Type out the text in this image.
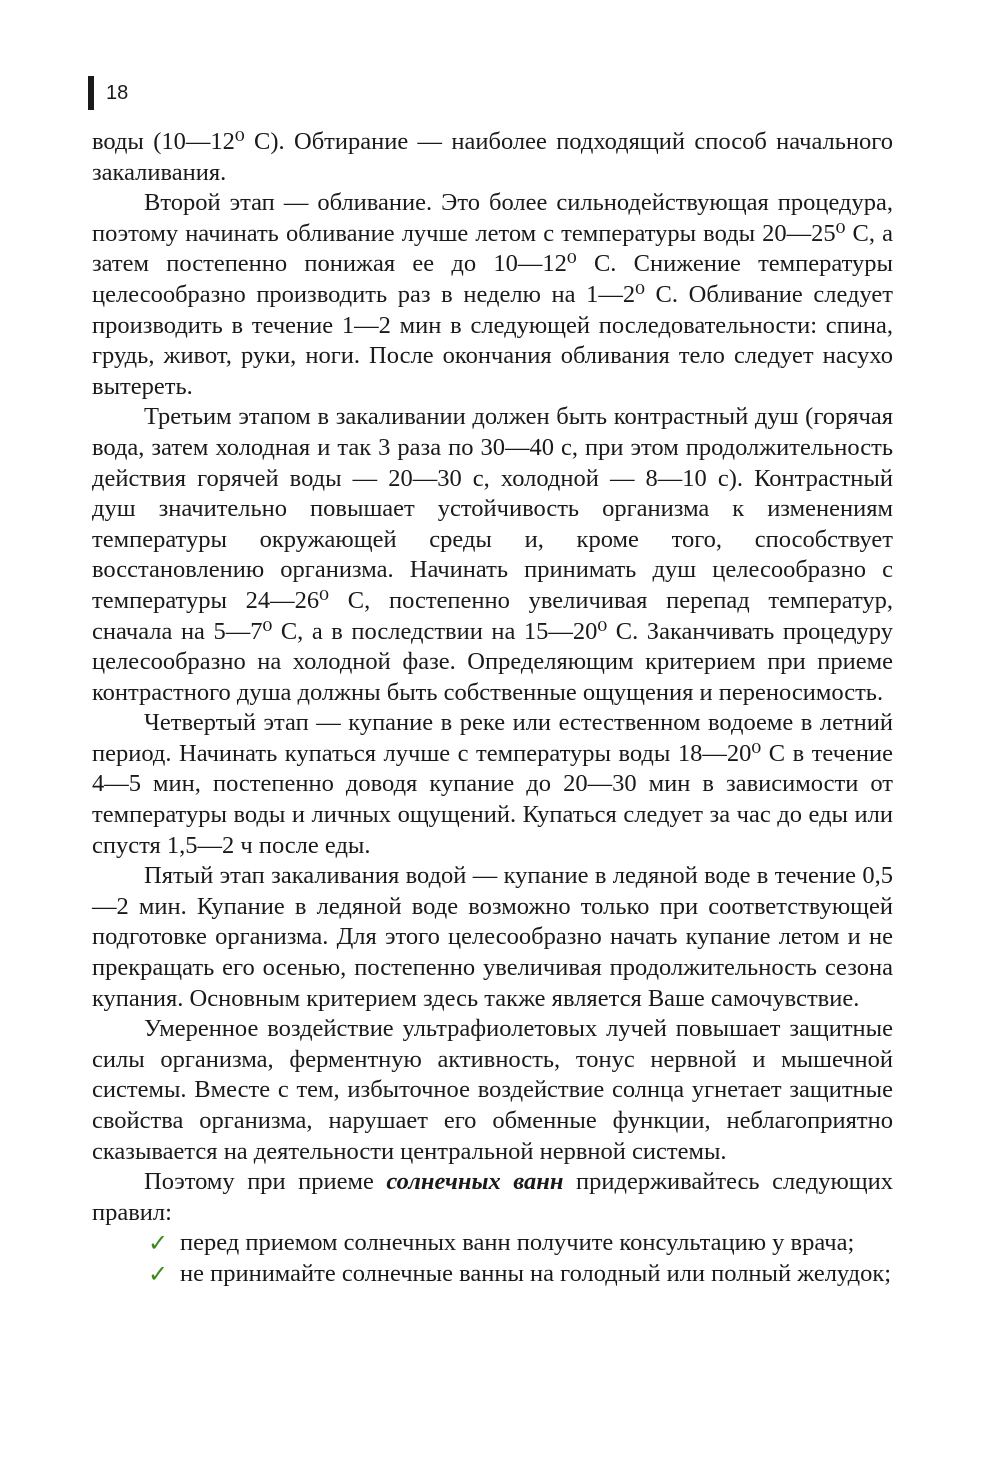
18

воды (10—12⁰ С). Обтирание — наиболее подходящий способ начального закаливания.

Второй этап — обливание. Это более сильнодействующая процедура, поэтому начинать обливание лучше летом с температуры воды 20—25⁰ С, а затем постепенно понижая ее до 10—12⁰ С. Снижение температуры целесообразно производить раз в неделю на 1—2⁰ С. Обливание следует производить в течение 1—2 мин в следующей последовательности: спина, грудь, живот, руки, ноги. После окончания обливания тело следует насухо вытереть.

Третьим этапом в закаливании должен быть контрастный душ (горячая вода, затем холодная и так 3 раза по 30—40 с, при этом продолжительность действия горячей воды — 20—30 с, холодной — 8—10 с). Контрастный душ значительно повышает устойчивость организма к изменениям температуры окружающей среды и, кроме того, способствует восстановлению организма. Начинать принимать душ целесообразно с температуры 24—26⁰ С, постепенно увеличивая перепад температур, сначала на 5—7⁰ С, а в последствии на 15—20⁰ С. Заканчивать процедуру целесообразно на холодной фазе. Определяющим критерием при приеме контрастного душа должны быть собственные ощущения и переносимость.

Четвертый этап — купание в реке или естественном водоеме в летний период. Начинать купаться лучше с температуры воды 18—20⁰ С в течение 4—5 мин, постепенно доводя купание до 20—30 мин в зависимости от температуры воды и личных ощущений. Купаться следует за час до еды или спустя 1,5—2 ч после еды.

Пятый этап закаливания водой — купание в ледяной воде в течение 0,5—2 мин. Купание в ледяной воде возможно только при соответствующей подготовке организма. Для этого целесообразно начать купание летом и не прекращать его осенью, постепенно увеличивая продолжительность сезона купания. Основным критерием здесь также является Ваше самочувствие.

Умеренное воздействие ультрафиолетовых лучей повышает защитные силы организма, ферментную активность, тонус нервной и мышечной системы. Вместе с тем, избыточное воздействие солнца угнетает защитные свойства организма, нарушает его обменные функции, неблагоприятно сказывается на деятельности центральной нервной системы.

Поэтому при приеме солнечных ванн придерживайтесь следующих правил:

✓ перед приемом солнечных ванн получите консультацию у врача;
✓ не принимайте солнечные ванны на голодный или полный желудок;
